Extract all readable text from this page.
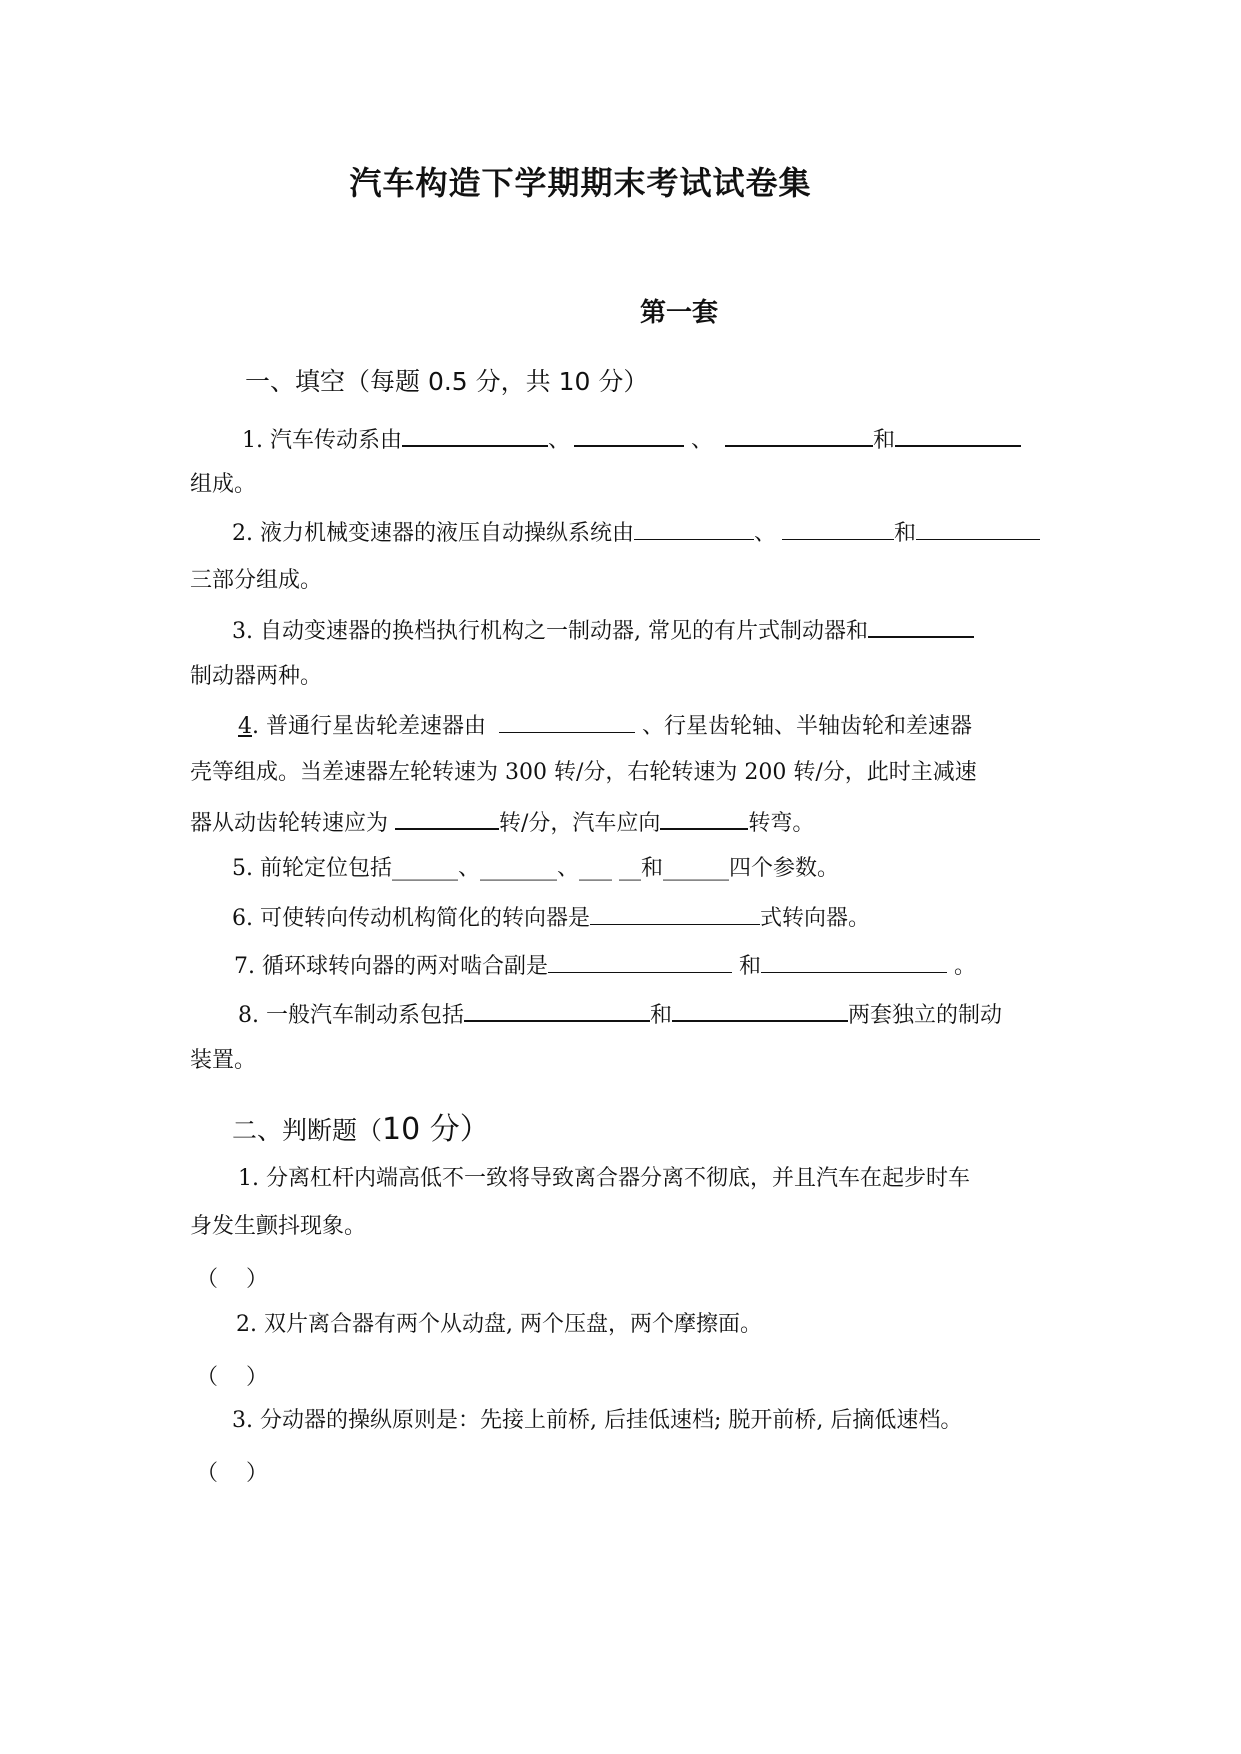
汽车构造下学期期末考试试卷集
第一套
一、填空（每题 0.5 分，共 10 分）
1. 汽车传动系由	、	、	和
组成。
2. 液力机械变速器的液压自动操纵系统由	、	和
三部分组成。
3. 自动变速器的换档执行机构之一制动器, 常见的有片式制动器和
制动器两种。
4. 普通行星齿轮差速器由	、行星齿轮轴、半轴齿轮和差速器
壳等组成。当差速器左轮转速为 300 转/分，右轮转速为 200 转/分，此时主减速
器从动齿轮转速应为	转/分，汽车应向	转弯。
5. 前轮定位包括______、_______、___ __和______四个参数。
6. 可使转向传动机构简化的转向器是	式转向器。
7. 循环球转向器的两对啮合副是	和	。
8. 一般汽车制动系包括	和	两套独立的制动
装置。
二、判断题（10 分）
1. 分离杠杆内端高低不一致将导致离合器分离不彻底，并且汽车在起步时车
身发生颤抖现象。
（    ）
2. 双片离合器有两个从动盘, 两个压盘，两个摩擦面。
（    ）
3. 分动器的操纵原则是：先接上前桥, 后挂低速档; 脱开前桥, 后摘低速档。
（    ）
